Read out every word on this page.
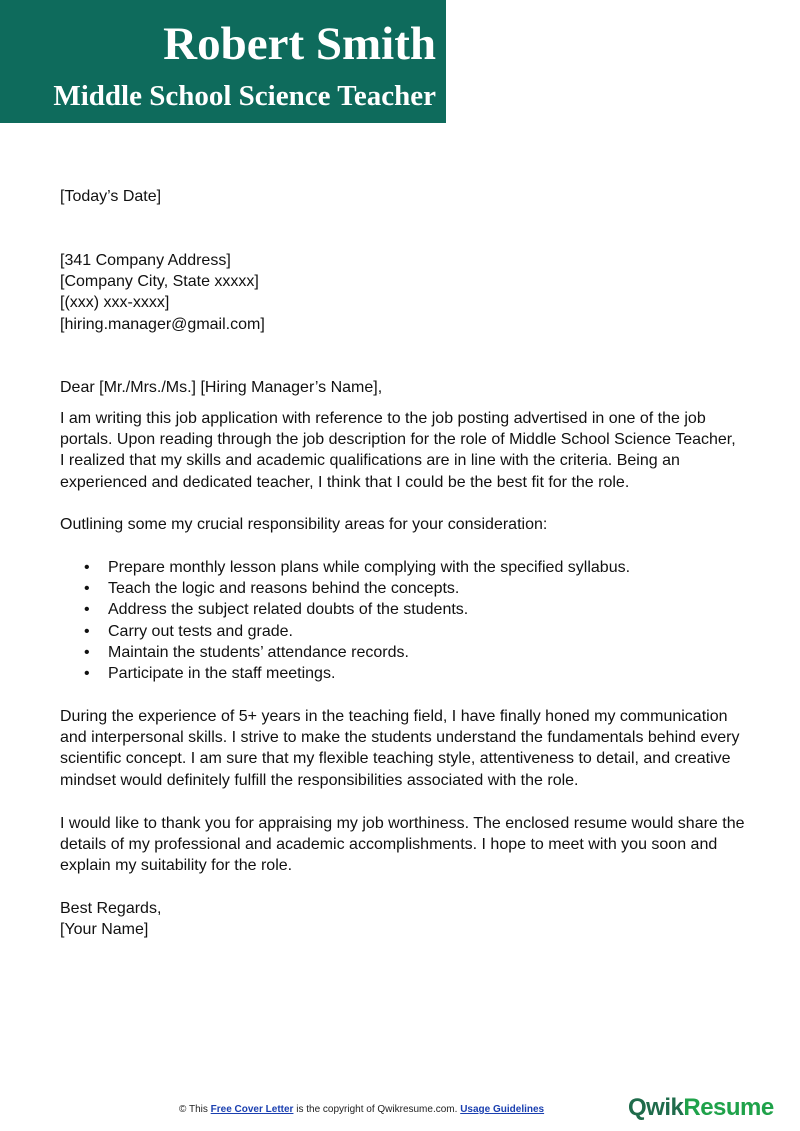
Robert Smith
Middle School Science Teacher
[Today’s Date]
[341 Company Address]
[Company City, State xxxxx]
[(xxx) xxx-xxxx]
[hiring.manager@gmail.com]
Dear [Mr./Mrs./Ms.] [Hiring Manager’s Name],
I am writing this job application with reference to the job posting advertised in one of the job
portals. Upon reading through the job description for the role of Middle School Science Teacher,
I realized that my skills and academic qualifications are in line with the criteria. Being an
experienced and dedicated teacher, I think that I could be the best fit for the role.
Outlining some my crucial responsibility areas for your consideration:
• Prepare monthly lesson plans while complying with the specified syllabus.
• Teach the logic and reasons behind the concepts.
• Address the subject related doubts of the students.
• Carry out tests and grade.
• Maintain the students’ attendance records.
• Participate in the staff meetings.
During the experience of 5+ years in the teaching field, I have finally honed my communication
and interpersonal skills. I strive to make the students understand the fundamentals behind every
scientific concept. I am sure that my flexible teaching style, attentiveness to detail, and creative
mindset would definitely fulfill the responsibilities associated with the role.
I would like to thank you for appraising my job worthiness. The enclosed resume would share the
details of my professional and academic accomplishments. I hope to meet with you soon and
explain my suitability for the role.
Best Regards,
[Your Name]
© This Free Cover Letter is the copyright of Qwikresume.com. Usage Guidelines	QwikResume
